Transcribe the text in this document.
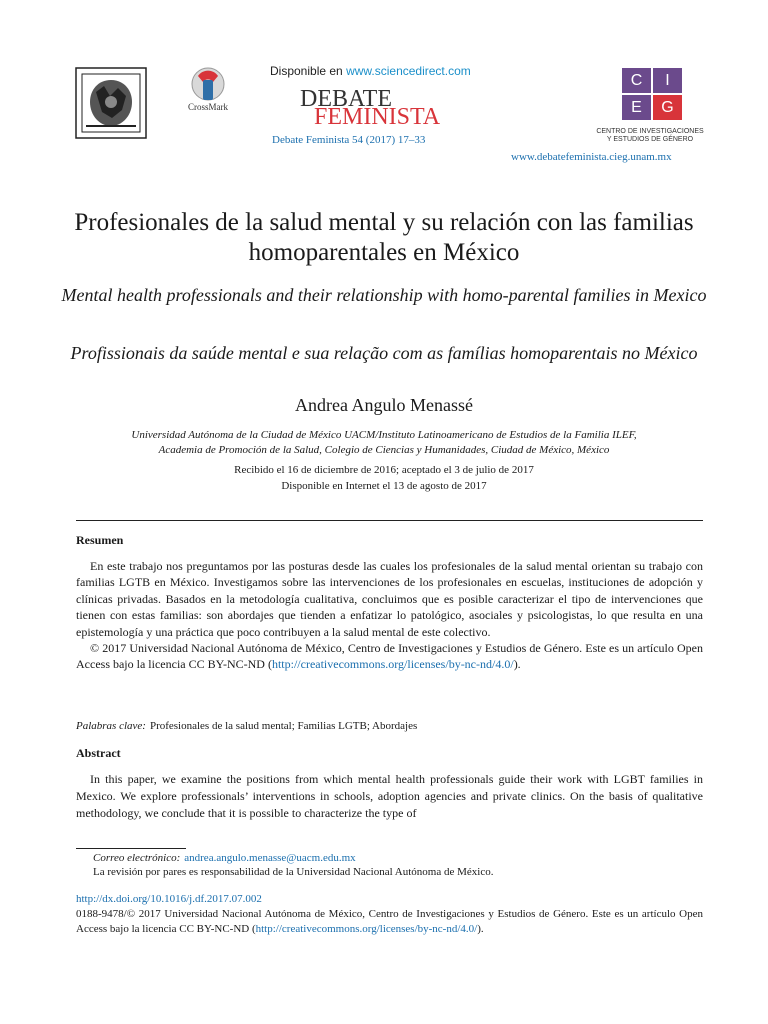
CrossMark
Disponible en www.sciencedirect.com
DEBATE
FEMINISTA
Debate Feminista 54 (2017) 17–33
C	I
E	G
CENTRO DE INVESTIGACIONES
Y ESTUDIOS DE GÉNERO
www.debatefeminista.cieg.unam.mx
Profesionales de la salud mental y su relación con las familias homoparentales en México
Mental health professionals and their relationship with homo-parental families in Mexico
Profissionais da saúde mental e sua relação com as famílias homoparentais no México
Andrea Angulo Menassé
Universidad Autónoma de la Ciudad de México UACM/Instituto Latinoamericano de Estudios de la Familia ILEF,
Academia de Promoción de la Salud, Colegio de Ciencias y Humanidades, Ciudad de México, México
Recibido el 16 de diciembre de 2016; aceptado el 3 de julio de 2017
Disponible en Internet el 13 de agosto de 2017
Resumen

En este trabajo nos preguntamos por las posturas desde las cuales los profesionales de la salud mental orientan su trabajo con familias LGTB en México. Investigamos sobre las intervenciones de los profesionales en escuelas, instituciones de adopción y clínicas privadas. Basados en la metodología cualitativa, concluimos que es posible caracterizar el tipo de intervenciones que tienen con estas familias: son abordajes que tienden a enfatizar lo patológico, asociales y psicologistas, lo que resulta en una epistemología y una práctica que poco contribuyen a la salud mental de este colectivo.

© 2017 Universidad Nacional Autónoma de México, Centro de Investigaciones y Estudios de Género. Este es un artículo Open Access bajo la licencia CC BY-NC-ND (http://creativecommons.org/licenses/by-nc-nd/4.0/).

Palabras clave: Profesionales de la salud mental; Familias LGTB; Abordajes
Abstract

In this paper, we examine the positions from which mental health professionals guide their work with LGBT families in Mexico. We explore professionals’ interventions in schools, adoption agencies and private clinics. On the basis of qualitative methodology, we conclude that it is possible to characterize the type of

Correo electrónico: andrea.angulo.menasse@uacm.edu.mx
La revisión por pares es responsabilidad de la Universidad Nacional Autónoma de México.
http://dx.doi.org/10.1016/j.df.2017.07.002
0188-9478/© 2017 Universidad Nacional Autónoma de México, Centro de Investigaciones y Estudios de Género. Este es un artículo Open Access bajo la licencia CC BY-NC-ND (http://creativecommons.org/licenses/by-nc-nd/4.0/).
